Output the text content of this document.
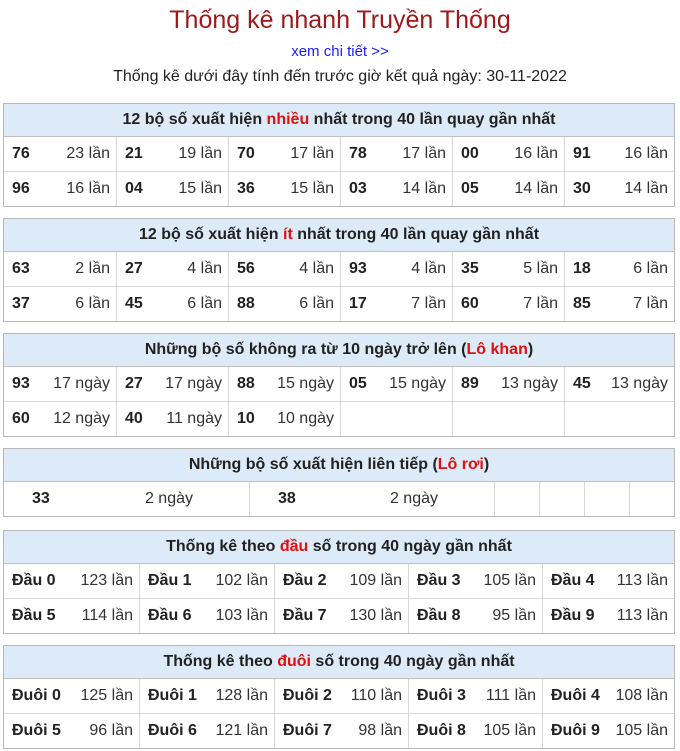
Thống kê nhanh Truyền Thống
xem chi tiết >>
Thống kê dưới đây tính đến trước giờ kết quả ngày: 30-11-2022
12 bộ số xuất hiện nhiều nhất trong 40 lần quay gần nhất
76 23 lần 21 19 lần 70 17 lần 78 17 lần 00 16 lần 91 16 lần
96 16 lần 04 15 lần 36 15 lần 03 14 lần 05 14 lần 30 14 lần
12 bộ số xuất hiện ít nhất trong 40 lần quay gần nhất
63	2 lần 27	4 lần 56	4 lần 93	4 lần 35	5 lần 18	6 lần
37	6 lần 45	6 lần 88	6 lần 17	7 lần 60	7 lần 85	7 lần
Những bộ số không ra từ 10 ngày trở lên (Lô khan)
93 17 ngày 27 17 ngày 88 15 ngày 05 15 ngày 89 13 ngày 45 13 ngày
60 12 ngày 40 11 ngày 10 10 ngày
Những bộ số xuất hiện liên tiếp (Lô rơi)
33	2 ngày	38	2 ngày
Thống kê theo đầu số trong 40 ngày gần nhất
Đầu 0 123 lần Đầu 1 102 lần Đầu 2 109 lần Đầu 3 105 lần Đầu 4 113 lần
Đầu 5 114 lần Đầu 6 103 lần Đầu 7 130 lần Đầu 8 95 lần Đầu 9 113 lần
Thống kê theo đuôi số trong 40 ngày gần nhất
Đuôi 0 125 lần Đuôi 1 128 lần Đuôi 2 110 lần Đuôi 3 111 lần Đuôi 4 108 lần
Đuôi 5 96 lần Đuôi 6 121 lần Đuôi 7 98 lần Đuôi 8 105 lần Đuôi 9 105 lần
